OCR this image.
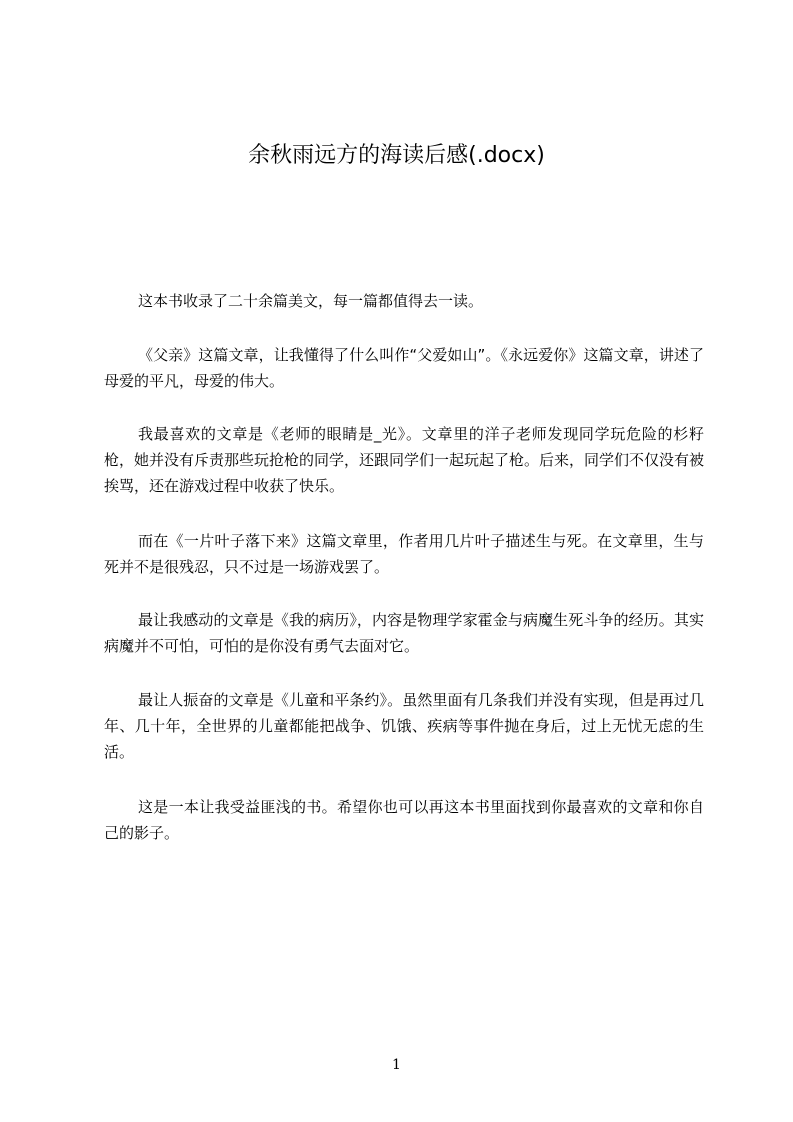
余秋雨远方的海读后感(.docx)

这本书收录了二十余篇美文，每一篇都值得去一读。

《父亲》这篇文章，让我懂得了什么叫作“父爱如山”。《永远爱你》这篇文章，讲述了母爱的平凡，母爱的伟大。

我最喜欢的文章是《老师的眼睛是_光》。文章里的洋子老师发现同学玩危险的杉籽枪，她并没有斥责那些玩抢枪的同学，还跟同学们一起玩起了枪。后来，同学们不仅没有被挨骂，还在游戏过程中收获了快乐。

而在《一片叶子落下来》这篇文章里，作者用几片叶子描述生与死。在文章里，生与死并不是很残忍，只不过是一场游戏罢了。

最让我感动的文章是《我的病历》，内容是物理学家霍金与病魔生死斗争的经历。其实病魔并不可怕，可怕的是你没有勇气去面对它。

最让人振奋的文章是《儿童和平条约》。虽然里面有几条我们并没有实现，但是再过几年、几十年，全世界的儿童都能把战争、饥饿、疾病等事件抛在身后，过上无忧无虑的生活。

这是一本让我受益匪浅的书。希望你也可以再这本书里面找到你最喜欢的文章和你自己的影子。

1
